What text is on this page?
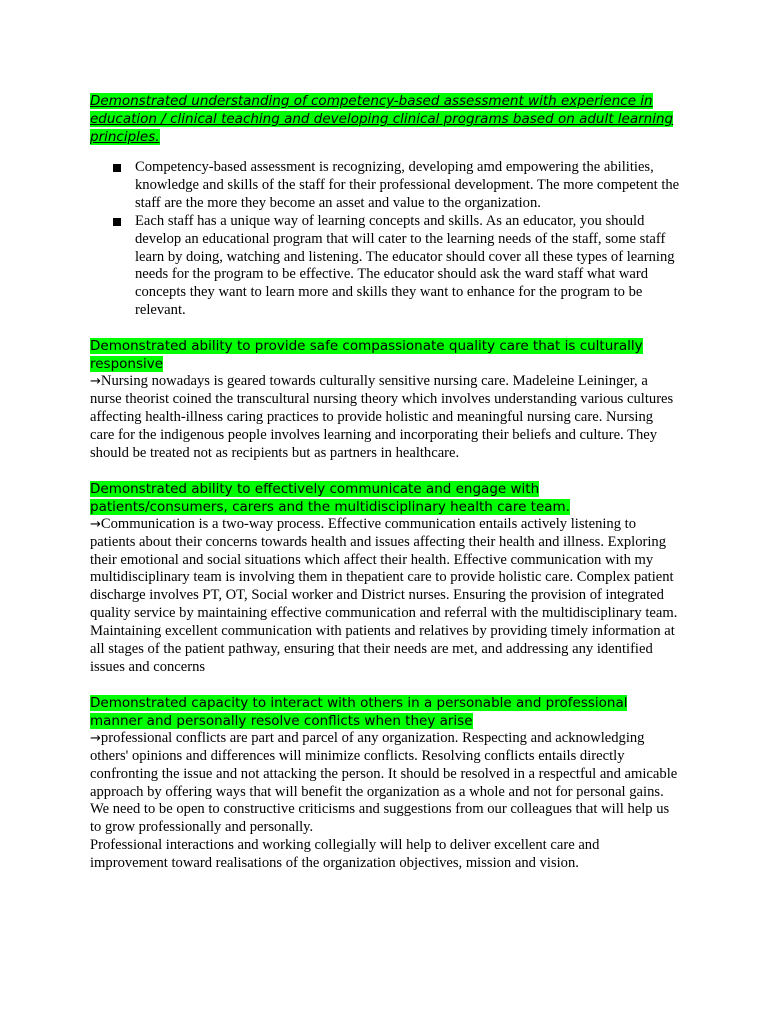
Demonstrated understanding of competency-based assessment with experience in education / clinical teaching and developing clinical programs based on adult learning principles.

Competency-based assessment is recognizing, developing amd empowering the abilities, knowledge and skills of the staff for their professional development. The more competent the staff are the more they become an asset and value to the organization.
Each staff has a unique way of learning concepts and skills. As an educator, you should develop an educational program that will cater to the learning needs of the staff, some staff learn by doing, watching and listening. The educator should cover all these types of learning needs for the program to be effective. The educator should ask the ward staff what ward concepts they want to learn more and skills they want to enhance for the program to be relevant.

Demonstrated ability to provide safe compassionate quality care that is culturally responsive

→Nursing nowadays is geared towards culturally sensitive nursing care. Madeleine Leininger, a nurse theorist coined the transcultural nursing theory which involves understanding various cultures affecting health-illness caring practices to provide holistic and meaningful nursing care. Nursing care for the indigenous people involves learning and incorporating their beliefs and culture. They should be treated not as recipients but as partners in healthcare.

Demonstrated ability to effectively communicate and engage with patients/consumers, carers and the multidisciplinary health care team.

→Communication is a two-way process. Effective communication entails actively listening to patients about their concerns towards health and issues affecting their health and illness. Exploring their emotional and social situations which affect their health. Effective communication with my multidisciplinary team is involving them in thepatient care to provide holistic care. Complex patient discharge involves PT, OT, Social worker and District nurses. Ensuring the provision of integrated quality service by maintaining effective communication and referral with the multidisciplinary team.

Maintaining excellent communication with patients and relatives by providing timely information at all stages of the patient pathway, ensuring that their needs are met, and addressing any identified issues and concerns

Demonstrated capacity to interact with others in a personable and professional manner and personally resolve conflicts when they arise

→professional conflicts are part and parcel of any organization. Respecting and acknowledging others' opinions and differences will minimize conflicts. Resolving conflicts entails directly confronting the issue and not attacking the person. It should be resolved in a respectful and amicable approach by offering ways that will benefit the organization as a whole and not for personal gains.

We need to be open to constructive criticisms and suggestions from our colleagues that will help us to grow professionally and personally.

Professional interactions and working collegially will help to deliver excellent care and improvement toward realisations of the organization objectives, mission and vision.
